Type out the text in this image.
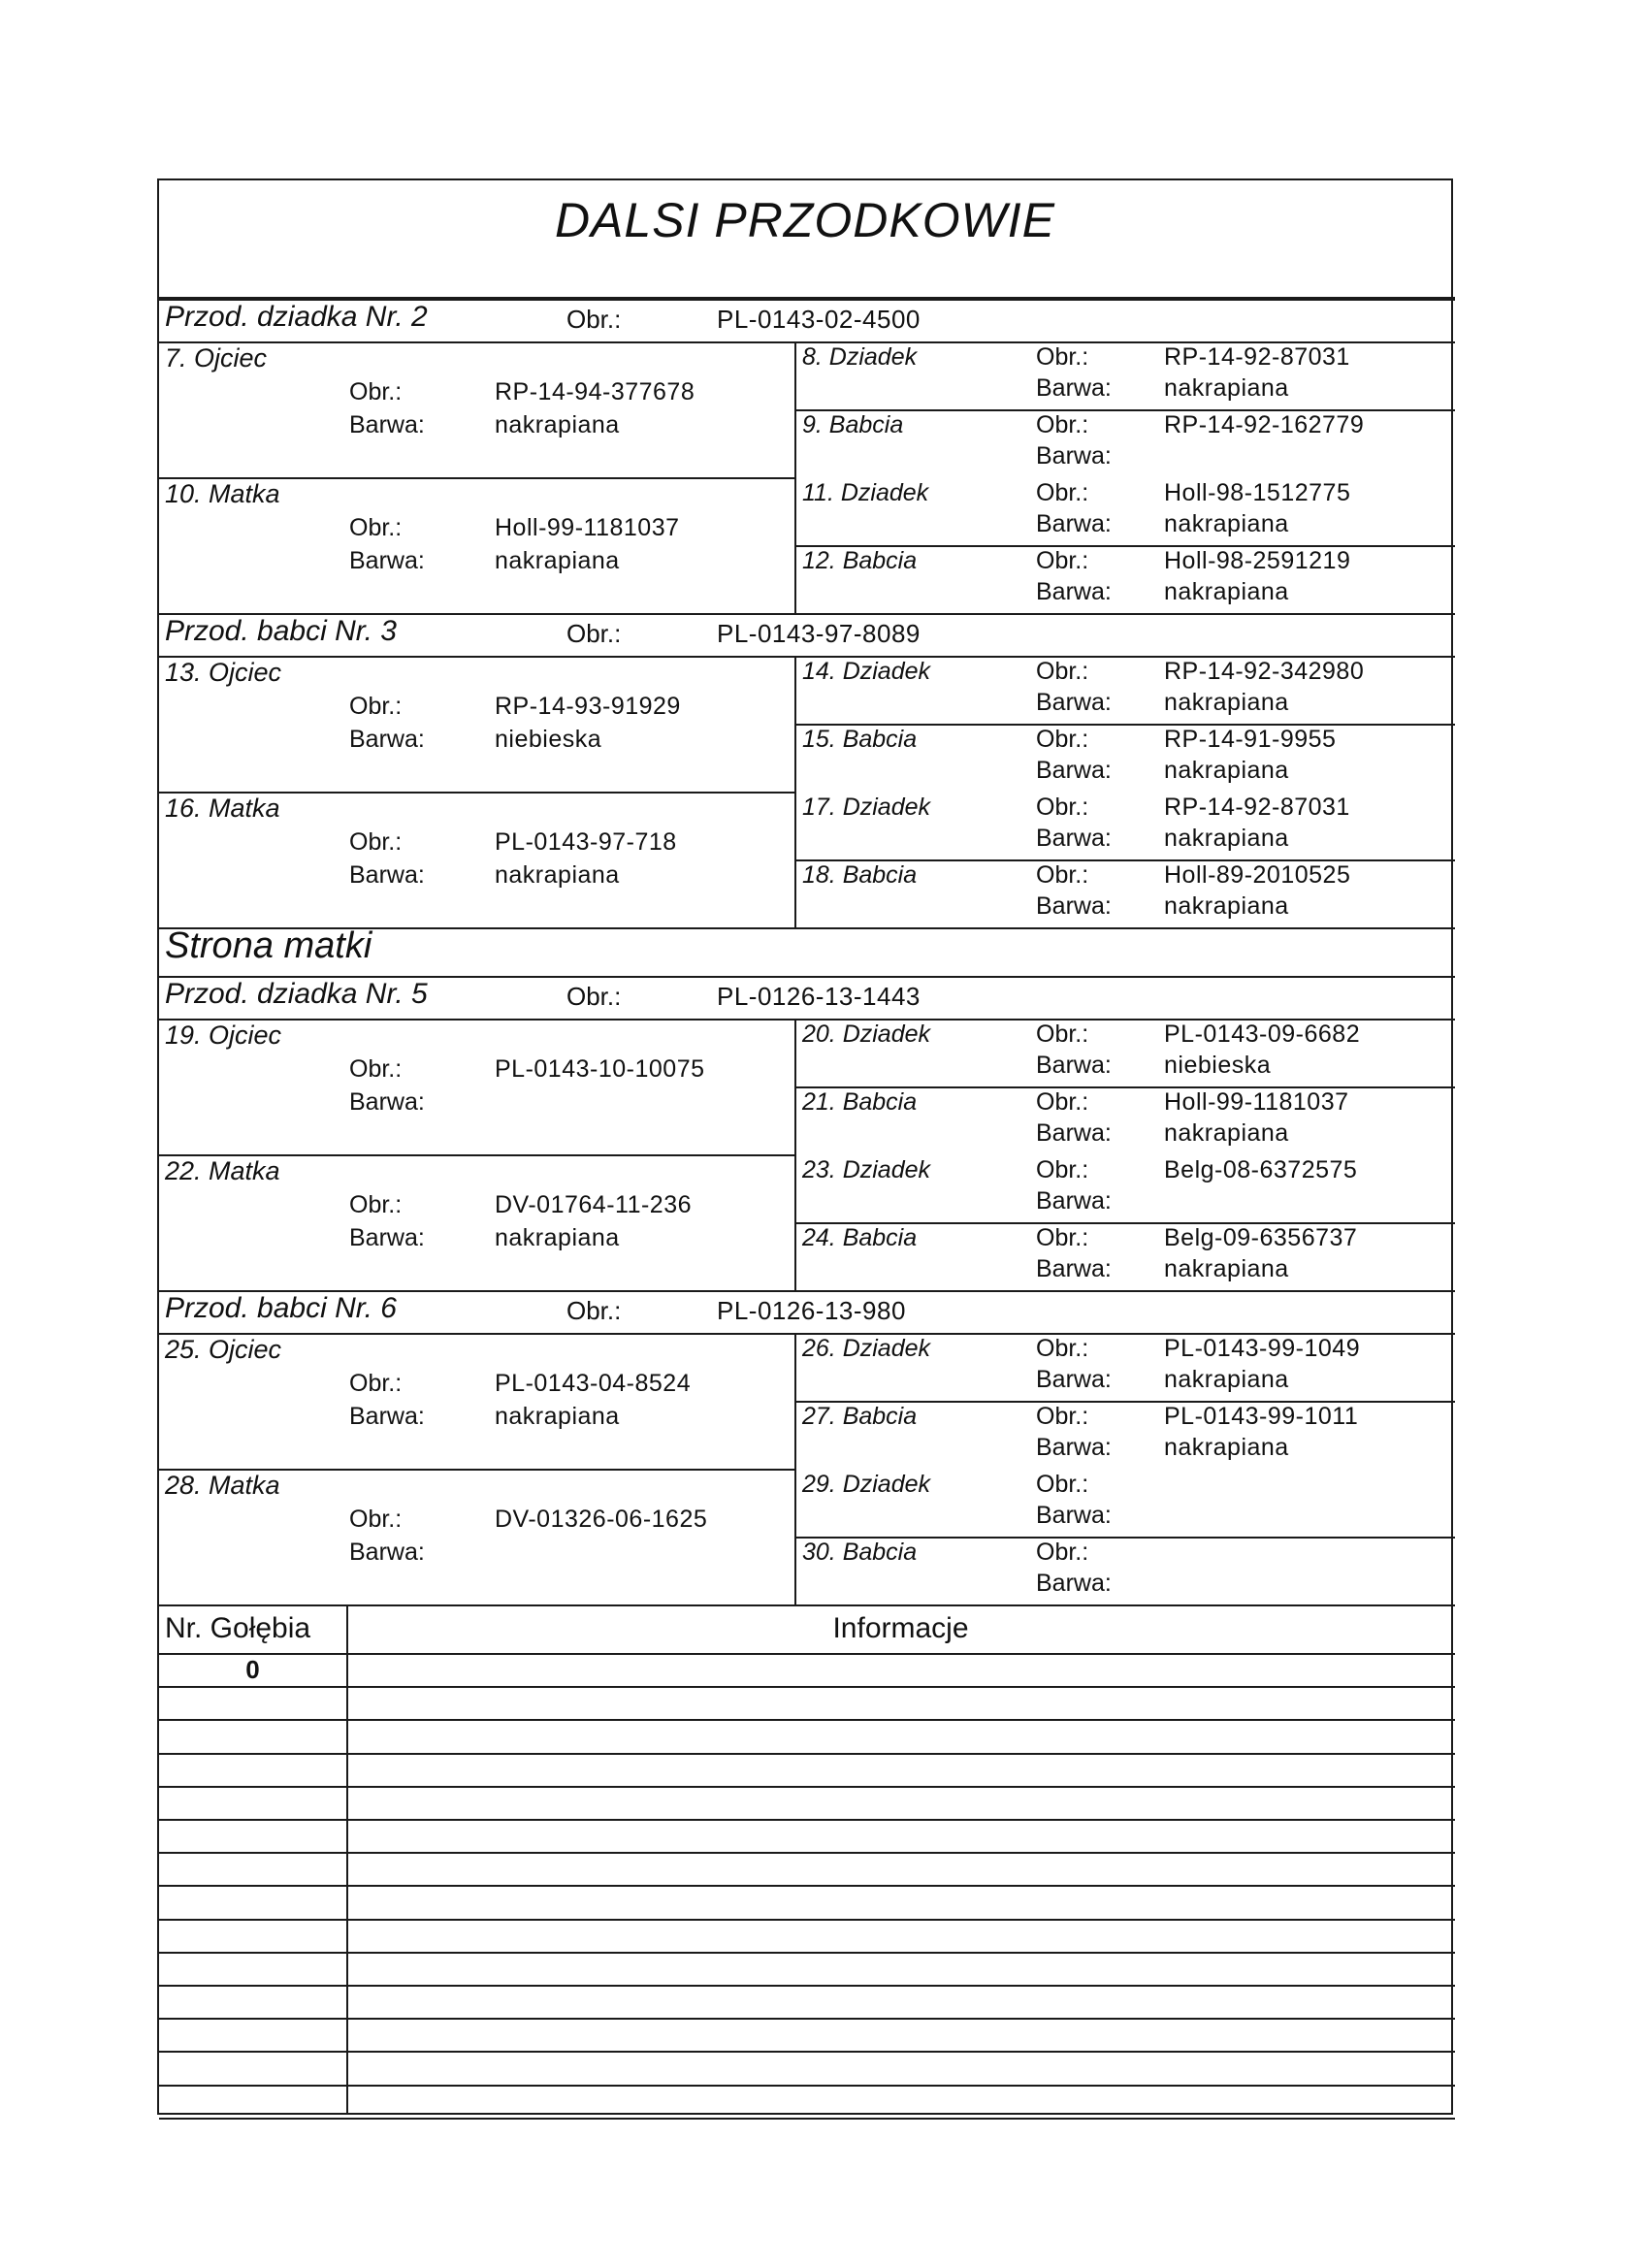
DALSI PRZODKOWIE
Strona matki
Przod. dziadka Nr. 2	Obr.:	PL-0143-02-4500
7. Ojciec
Obr.:	RP-14-94-377678
Barwa:	nakrapiana
8. Dziadek	Obr.:	RP-14-92-87031
Barwa: nakrapiana
9. Babcia	Obr.:	RP-14-92-162779
Barwa:
10. Matka
Obr.:	Holl-99-1181037
Barwa:	nakrapiana
11. Dziadek	Obr.:	Holl-98-1512775
Barwa: nakrapiana
12. Babcia	Obr.:	Holl-98-2591219
Barwa: nakrapiana
Przod. babci Nr. 3	Obr.:	PL-0143-97-8089
13. Ojciec
Obr.:	RP-14-93-91929
Barwa:	niebieska
14. Dziadek	Obr.:	RP-14-92-342980
Barwa: nakrapiana
15. Babcia	Obr.:	RP-14-91-9955
Barwa: nakrapiana
16. Matka
Obr.:	PL-0143-97-718
Barwa:	nakrapiana
17. Dziadek	Obr.:	RP-14-92-87031
Barwa: nakrapiana
18. Babcia	Obr.:	Holl-89-2010525
Barwa: nakrapiana
Przod. dziadka Nr. 5	Obr.:	PL-0126-13-1443
19. Ojciec
Obr.:	PL-0143-10-10075
Barwa:
20. Dziadek	Obr.:	PL-0143-09-6682
Barwa: niebieska
21. Babcia	Obr.:	Holl-99-1181037
Barwa: nakrapiana
22. Matka
Obr.:	DV-01764-11-236
Barwa:	nakrapiana
23. Dziadek	Obr.:	Belg-08-6372575
Barwa:
24. Babcia	Obr.:	Belg-09-6356737
Barwa: nakrapiana
Przod. babci Nr. 6	Obr.:	PL-0126-13-980
25. Ojciec
Obr.:	PL-0143-04-8524
Barwa:	nakrapiana
26. Dziadek	Obr.:	PL-0143-99-1049
Barwa: nakrapiana
27. Babcia	Obr.:	PL-0143-99-1011
Barwa: nakrapiana
28. Matka
Obr.:	DV-01326-06-1625
Barwa:
29. Dziadek	Obr.:
Barwa:
30. Babcia	Obr.:
Barwa:
Nr. Gołębia	Informacje
0
